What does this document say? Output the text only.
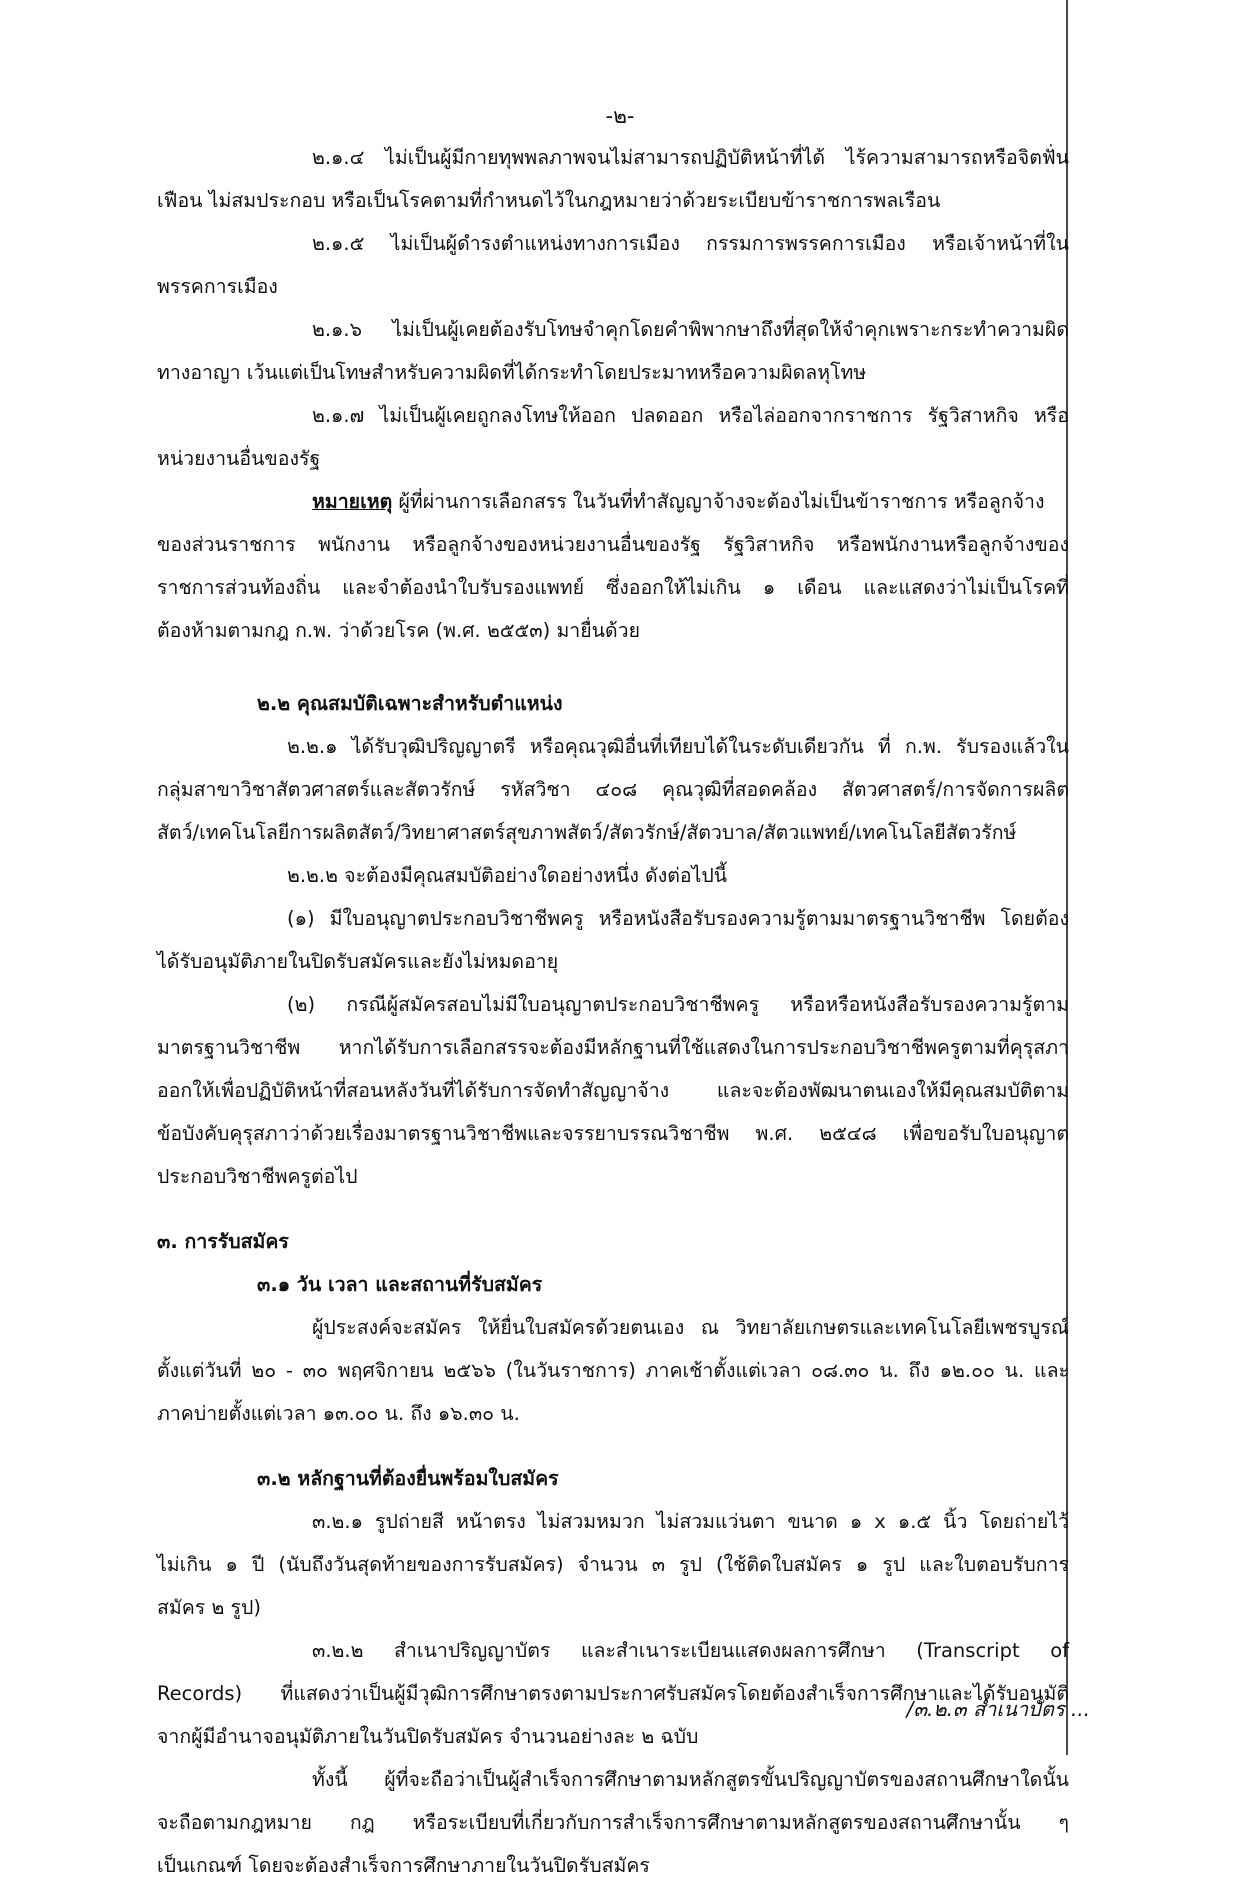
-๒-
๒.๑.๔ ไม่เป็นผู้มีกายทุพพลภาพจนไม่สามารถปฏิบัติหน้าที่ได้ ไร้ความสามารถหรือจิตฟั่น
เฟือน ไม่สมประกอบ หรือเป็นโรคตามที่กำหนดไว้ในกฎหมายว่าด้วยระเบียบข้าราชการพลเรือน
๒.๑.๕ ไม่เป็นผู้ดำรงตำแหน่งทางการเมือง กรรมการพรรคการเมือง หรือเจ้าหน้าที่ใน
พรรคการเมือง
๒.๑.๖ ไม่เป็นผู้เคยต้องรับโทษจำคุกโดยคำพิพากษาถึงที่สุดให้จำคุกเพราะกระทำความผิด
ทางอาญา เว้นแต่เป็นโทษสำหรับความผิดที่ได้กระทำโดยประมาทหรือความผิดลหุโทษ
๒.๑.๗ ไม่เป็นผู้เคยถูกลงโทษให้ออก ปลดออก หรือไล่ออกจากราชการ รัฐวิสาหกิจ หรือ
หน่วยงานอื่นของรัฐ
หมายเหตุ ผู้ที่ผ่านการเลือกสรร ในวันที่ทำสัญญาจ้างจะต้องไม่เป็นข้าราชการ หรือลูกจ้าง
ของส่วนราชการ พนักงาน หรือลูกจ้างของหน่วยงานอื่นของรัฐ รัฐวิสาหกิจ หรือพนักงานหรือลูกจ้างของ
ราชการส่วนท้องถิ่น และจำต้องนำใบรับรองแพทย์ ซึ่งออกให้ไม่เกิน ๑ เดือน และแสดงว่าไม่เป็นโรคที่
ต้องห้ามตามกฎ ก.พ. ว่าด้วยโรค (พ.ศ. ๒๕๕๓) มายื่นด้วย
๒.๒ คุณสมบัติเฉพาะสำหรับตำแหน่ง
๒.๒.๑ ได้รับวุฒิปริญญาตรี หรือคุณวุฒิอื่นที่เทียบได้ในระดับเดียวกัน ที่ ก.พ. รับรองแล้วใน
กลุ่มสาขาวิชาสัตวศาสตร์และสัตวรักษ์ รหัสวิชา ๔๐๘ คุณวุฒิที่สอดคล้อง สัตวศาสตร์/การจัดการผลิต
สัตว์/เทคโนโลยีการผลิตสัตว์/วิทยาศาสตร์สุขภาพสัตว์/สัตวรักษ์/สัตวบาล/สัตวแพทย์/เทคโนโลยีสัตวรักษ์
๒.๒.๒ จะต้องมีคุณสมบัติอย่างใดอย่างหนึ่ง ดังต่อไปนี้
(๑) มีใบอนุญาตประกอบวิชาชีพครู หรือหนังสือรับรองความรู้ตามมาตรฐานวิชาชีพ โดยต้อง
ได้รับอนุมัติภายในปิดรับสมัครและยังไม่หมดอายุ
(๒) กรณีผู้สมัครสอบไม่มีใบอนุญาตประกอบวิชาชีพครู หรือหรือหนังสือรับรองความรู้ตาม
มาตรฐานวิชาชีพ หากได้รับการเลือกสรรจะต้องมีหลักฐานที่ใช้แสดงในการประกอบวิชาชีพครูตามที่คุรุสภา
ออกให้เพื่อปฏิบัติหน้าที่สอนหลังวันที่ได้รับการจัดทำสัญญาจ้าง และจะต้องพัฒนาตนเองให้มีคุณสมบัติตาม
ข้อบังคับคุรุสภาว่าด้วยเรื่องมาตรฐานวิชาชีพและจรรยาบรรณวิชาชีพ พ.ศ. ๒๕๔๘ เพื่อขอรับใบอนุญาต
ประกอบวิชาชีพครูต่อไป
๓. การรับสมัคร
๓.๑ วัน เวลา และสถานที่รับสมัคร
ผู้ประสงค์จะสมัคร ให้ยื่นใบสมัครด้วยตนเอง ณ วิทยาลัยเกษตรและเทคโนโลยีเพชรบูรณ์
ตั้งแต่วันที่ ๒๐ - ๓๐ พฤศจิกายน ๒๕๖๖ (ในวันราชการ) ภาคเช้าตั้งแต่เวลา ๐๘.๓๐ น. ถึง ๑๒.๐๐ น. และ
ภาคบ่ายตั้งแต่เวลา ๑๓.๐๐ น. ถึง ๑๖.๓๐ น.
๓.๒ หลักฐานที่ต้องยื่นพร้อมใบสมัคร
๓.๒.๑ รูปถ่ายสี หน้าตรง ไม่สวมหมวก ไม่สวมแว่นตา ขนาด ๑ x ๑.๕ นิ้ว โดยถ่ายไว้
ไม่เกิน ๑ ปี (นับถึงวันสุดท้ายของการรับสมัคร) จำนวน ๓ รูป (ใช้ติดใบสมัคร ๑ รูป และใบตอบรับการ
สมัคร ๒ รูป)
๓.๒.๒ สำเนาปริญญาบัตร และสำเนาระเบียนแสดงผลการศึกษา (Transcript of
Records) ที่แสดงว่าเป็นผู้มีวุฒิการศึกษาตรงตามประกาศรับสมัครโดยต้องสำเร็จการศึกษาและได้รับอนุมัติ
จากผู้มีอำนาจอนุมัติภายในวันปิดรับสมัคร จำนวนอย่างละ ๒ ฉบับ
ทั้งนี้ ผู้ที่จะถือว่าเป็นผู้สำเร็จการศึกษาตามหลักสูตรขั้นปริญญาบัตรของสถานศึกษาใดนั้น
จะถือตามกฎหมาย กฎ หรือระเบียบที่เกี่ยวกับการสำเร็จการศึกษาตามหลักสูตรของสถานศึกษานั้น ๆ
เป็นเกณฑ์ โดยจะต้องสำเร็จการศึกษาภายในวันปิดรับสมัคร
/๓.๒.๓ สำเนาบัตร ...
